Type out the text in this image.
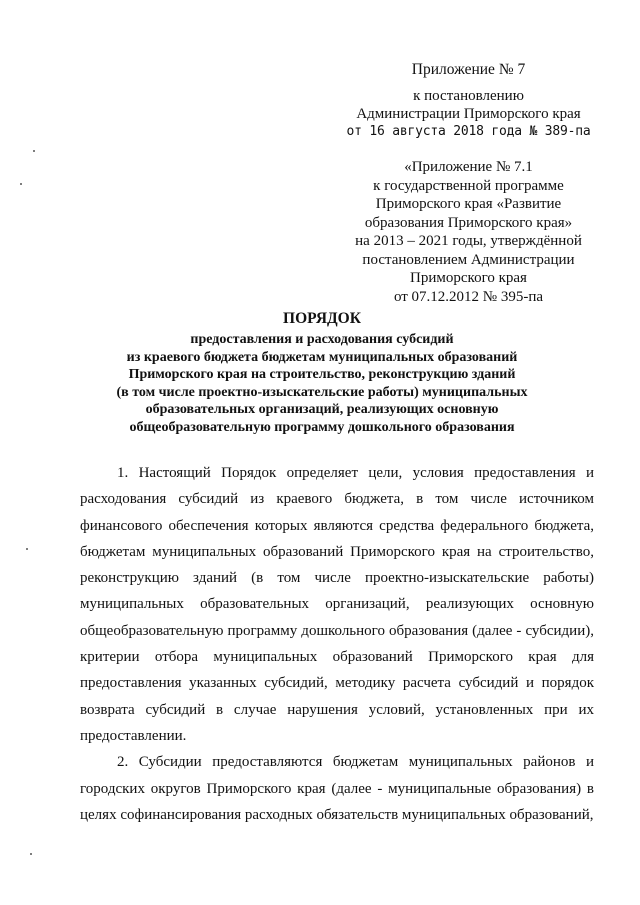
Приложение № 7
к постановлению
Администрации Приморского края
от 16 августа 2018 года № 389-па
«Приложение № 7.1
к государственной программе
Приморского края «Развитие
образования Приморского края»
на 2013 – 2021 годы, утверждённой
постановлением Администрации
Приморского края
от 07.12.2012 № 395-па
ПОРЯДОК
предоставления и расходования субсидий
из краевого бюджета бюджетам муниципальных образований
Приморского края на строительство, реконструкцию зданий
(в том числе проектно-изыскательские работы) муниципальных
образовательных организаций, реализующих основную
общеобразовательную программу дошкольного образования

1. Настоящий Порядок определяет цели, условия предоставления и расходования субсидий из краевого бюджета, в том числе источником финансового обеспечения которых являются средства федерального бюджета, бюджетам муниципальных образований Приморского края на строительство, реконструкцию зданий (в том числе проектно-изыскательские работы) муниципальных образовательных организаций, реализующих основную общеобразовательную программу дошкольного образования (далее - субсидии), критерии отбора муниципальных образований Приморского края для предоставления указанных субсидий, методику расчета субсидий и порядок возврата субсидий в случае нарушения условий, установленных при их предоставлении.

2. Субсидии предоставляются бюджетам муниципальных районов и городских округов Приморского края (далее - муниципальные образования) в целях софинансирования расходных обязательств муниципальных образований,
